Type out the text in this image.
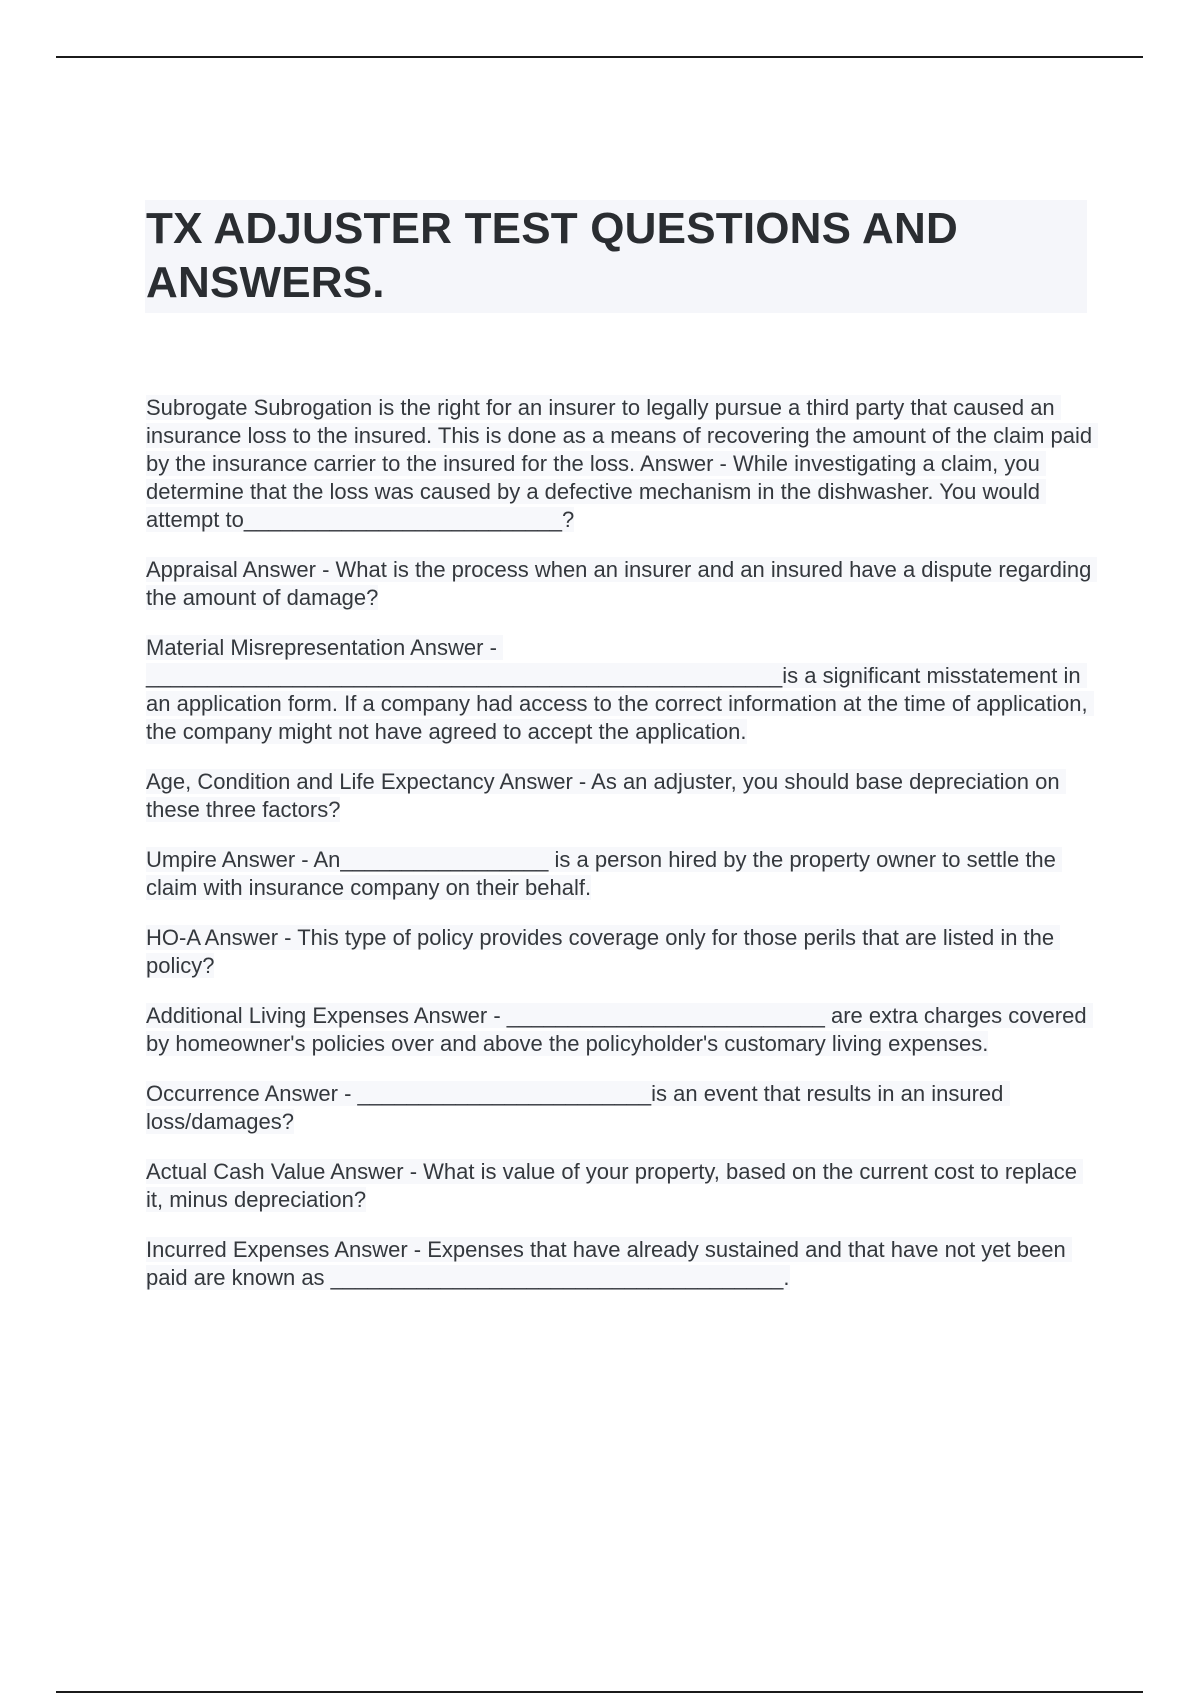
TX ADJUSTER TEST QUESTIONS AND ANSWERS.

Subrogate Subrogation is the right for an insurer to legally pursue a third party that caused an insurance loss to the insured. This is done as a means of recovering the amount of the claim paid by the insurance carrier to the insured for the loss. Answer - While investigating a claim, you determine that the loss was caused by a defective mechanism in the dishwasher. You would attempt to__________________________?

Appraisal Answer - What is the process when an insurer and an insured have a dispute regarding the amount of damage?

Material Misrepresentation Answer - ____________________________________________________is a significant misstatement in an application form. If a company had access to the correct information at the time of application, the company might not have agreed to accept the application.

Age, Condition and Life Expectancy Answer - As an adjuster, you should base depreciation on these three factors?

Umpire Answer - An_________________ is a person hired by the property owner to settle the claim with insurance company on their behalf.

HO-A Answer - This type of policy provides coverage only for those perils that are listed in the policy?

Additional Living Expenses Answer - __________________________ are extra charges covered by homeowner's policies over and above the policyholder's customary living expenses.

Occurrence Answer - ________________________is an event that results in an insured loss/damages?

Actual Cash Value Answer - What is value of your property, based on the current cost to replace it, minus depreciation?

Incurred Expenses Answer - Expenses that have already sustained and that have not yet been paid are known as _____________________________________.
